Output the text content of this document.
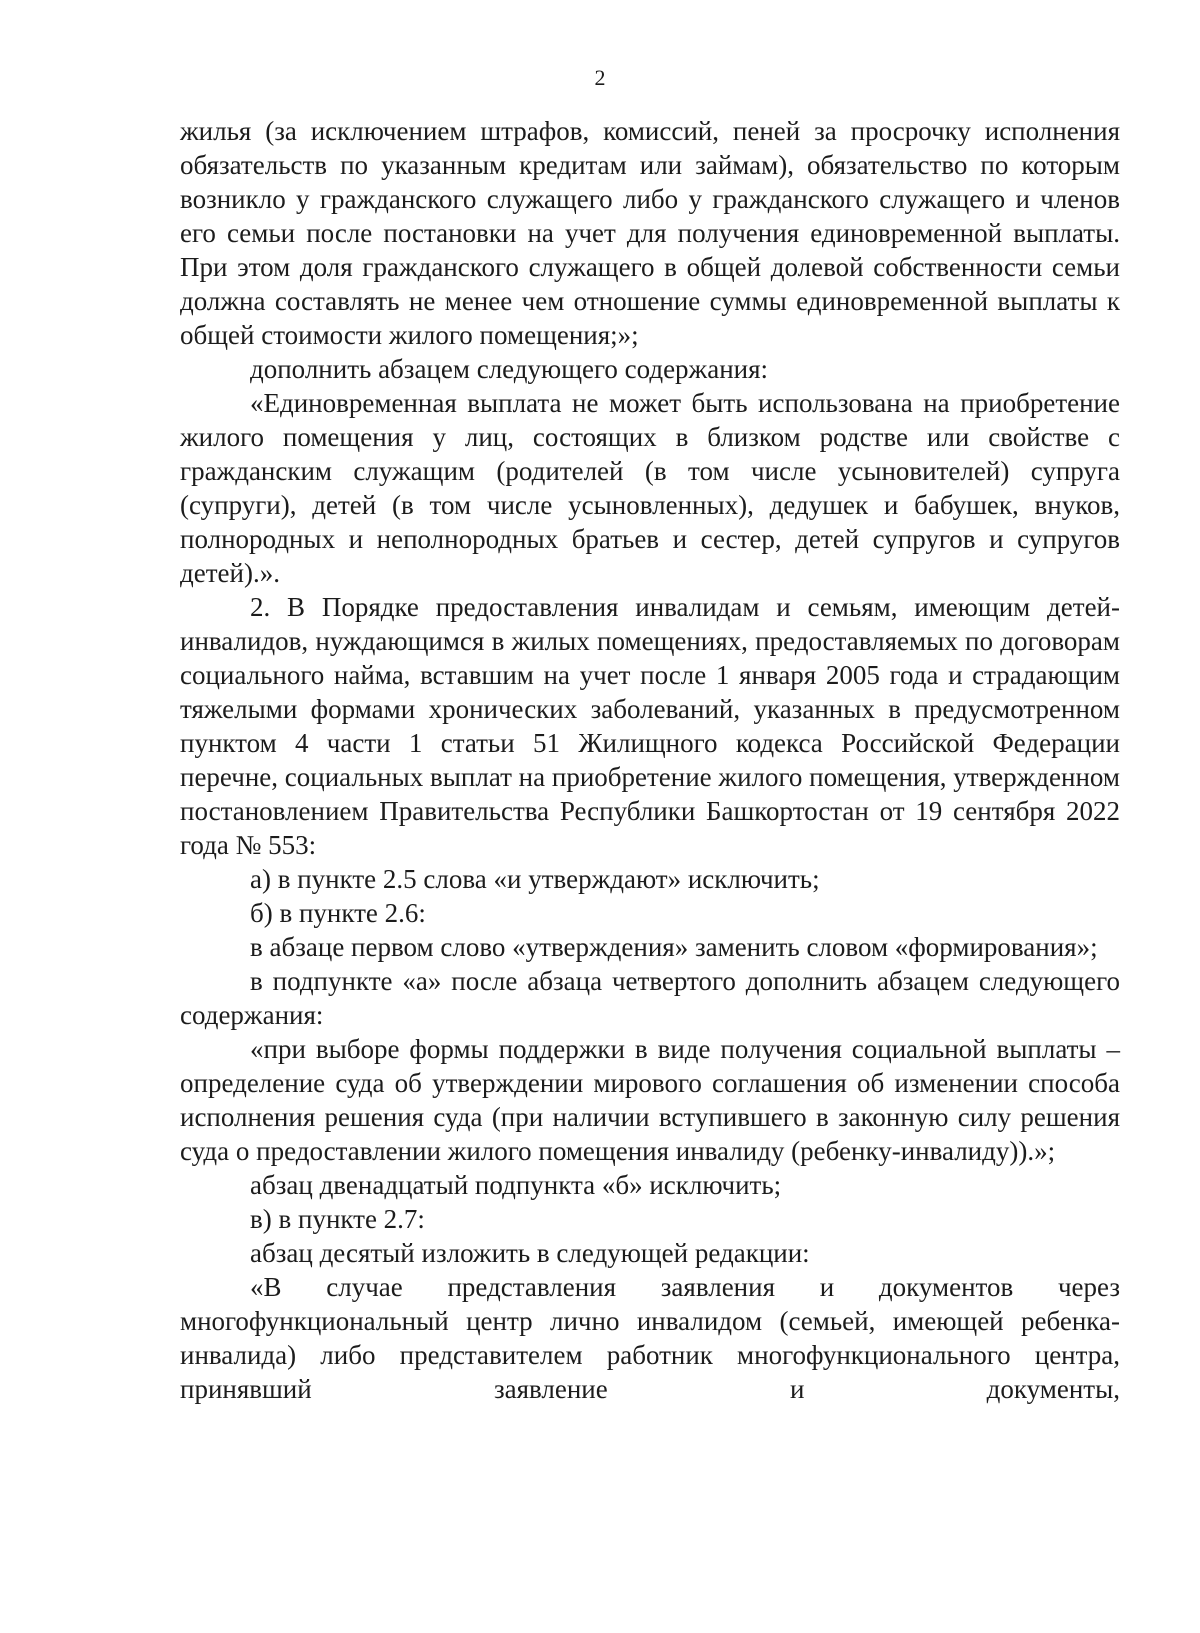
2

жилья (за исключением штрафов, комиссий, пеней за просрочку исполнения обязательств по указанным кредитам или займам), обязательство по которым возникло у гражданского служащего либо у гражданского служащего и членов его семьи после постановки на учет для получения единовременной выплаты. При этом доля гражданского служащего в общей долевой собственности семьи должна составлять не менее чем отношение суммы единовременной выплаты к общей стоимости жилого помещения;»;

дополнить абзацем следующего содержания:

«Единовременная выплата не может быть использована на приобретение жилого помещения у лиц, состоящих в близком родстве или свойстве с гражданским служащим (родителей (в том числе усыновителей) супруга (супруги), детей (в том числе усыновленных), дедушек и бабушек, внуков, полнородных и неполнородных братьев и сестер, детей супругов и супругов детей).».

2. В Порядке предоставления инвалидам и семьям, имеющим детей-инвалидов, нуждающимся в жилых помещениях, предоставляемых по договорам социального найма, вставшим на учет после 1 января 2005 года и страдающим тяжелыми формами хронических заболеваний, указанных в предусмотренном пунктом 4 части 1 статьи 51 Жилищного кодекса Российской Федерации перечне, социальных выплат на приобретение жилого помещения, утвержденном постановлением Правительства Республики Башкортостан от 19 сентября 2022 года № 553:

а) в пункте 2.5 слова «и утверждают» исключить;

б) в пункте 2.6:

в абзаце первом слово «утверждения» заменить словом «формирования»;

в подпункте «а» после абзаца четвертого дополнить абзацем следующего содержания:

«при выборе формы поддержки в виде получения социальной выплаты – определение суда об утверждении мирового соглашения об изменении способа исполнения решения суда (при наличии вступившего в законную силу решения суда о предоставлении жилого помещения инвалиду (ребенку-инвалиду)).»;

абзац двенадцатый подпункта «б» исключить;

в) в пункте 2.7:

абзац десятый изложить в следующей редакции:

«В случае представления заявления и документов через многофункциональный центр лично инвалидом (семьей, имеющей ребенка-инвалида) либо представителем работник многофункционального центра, принявший заявление и документы,
